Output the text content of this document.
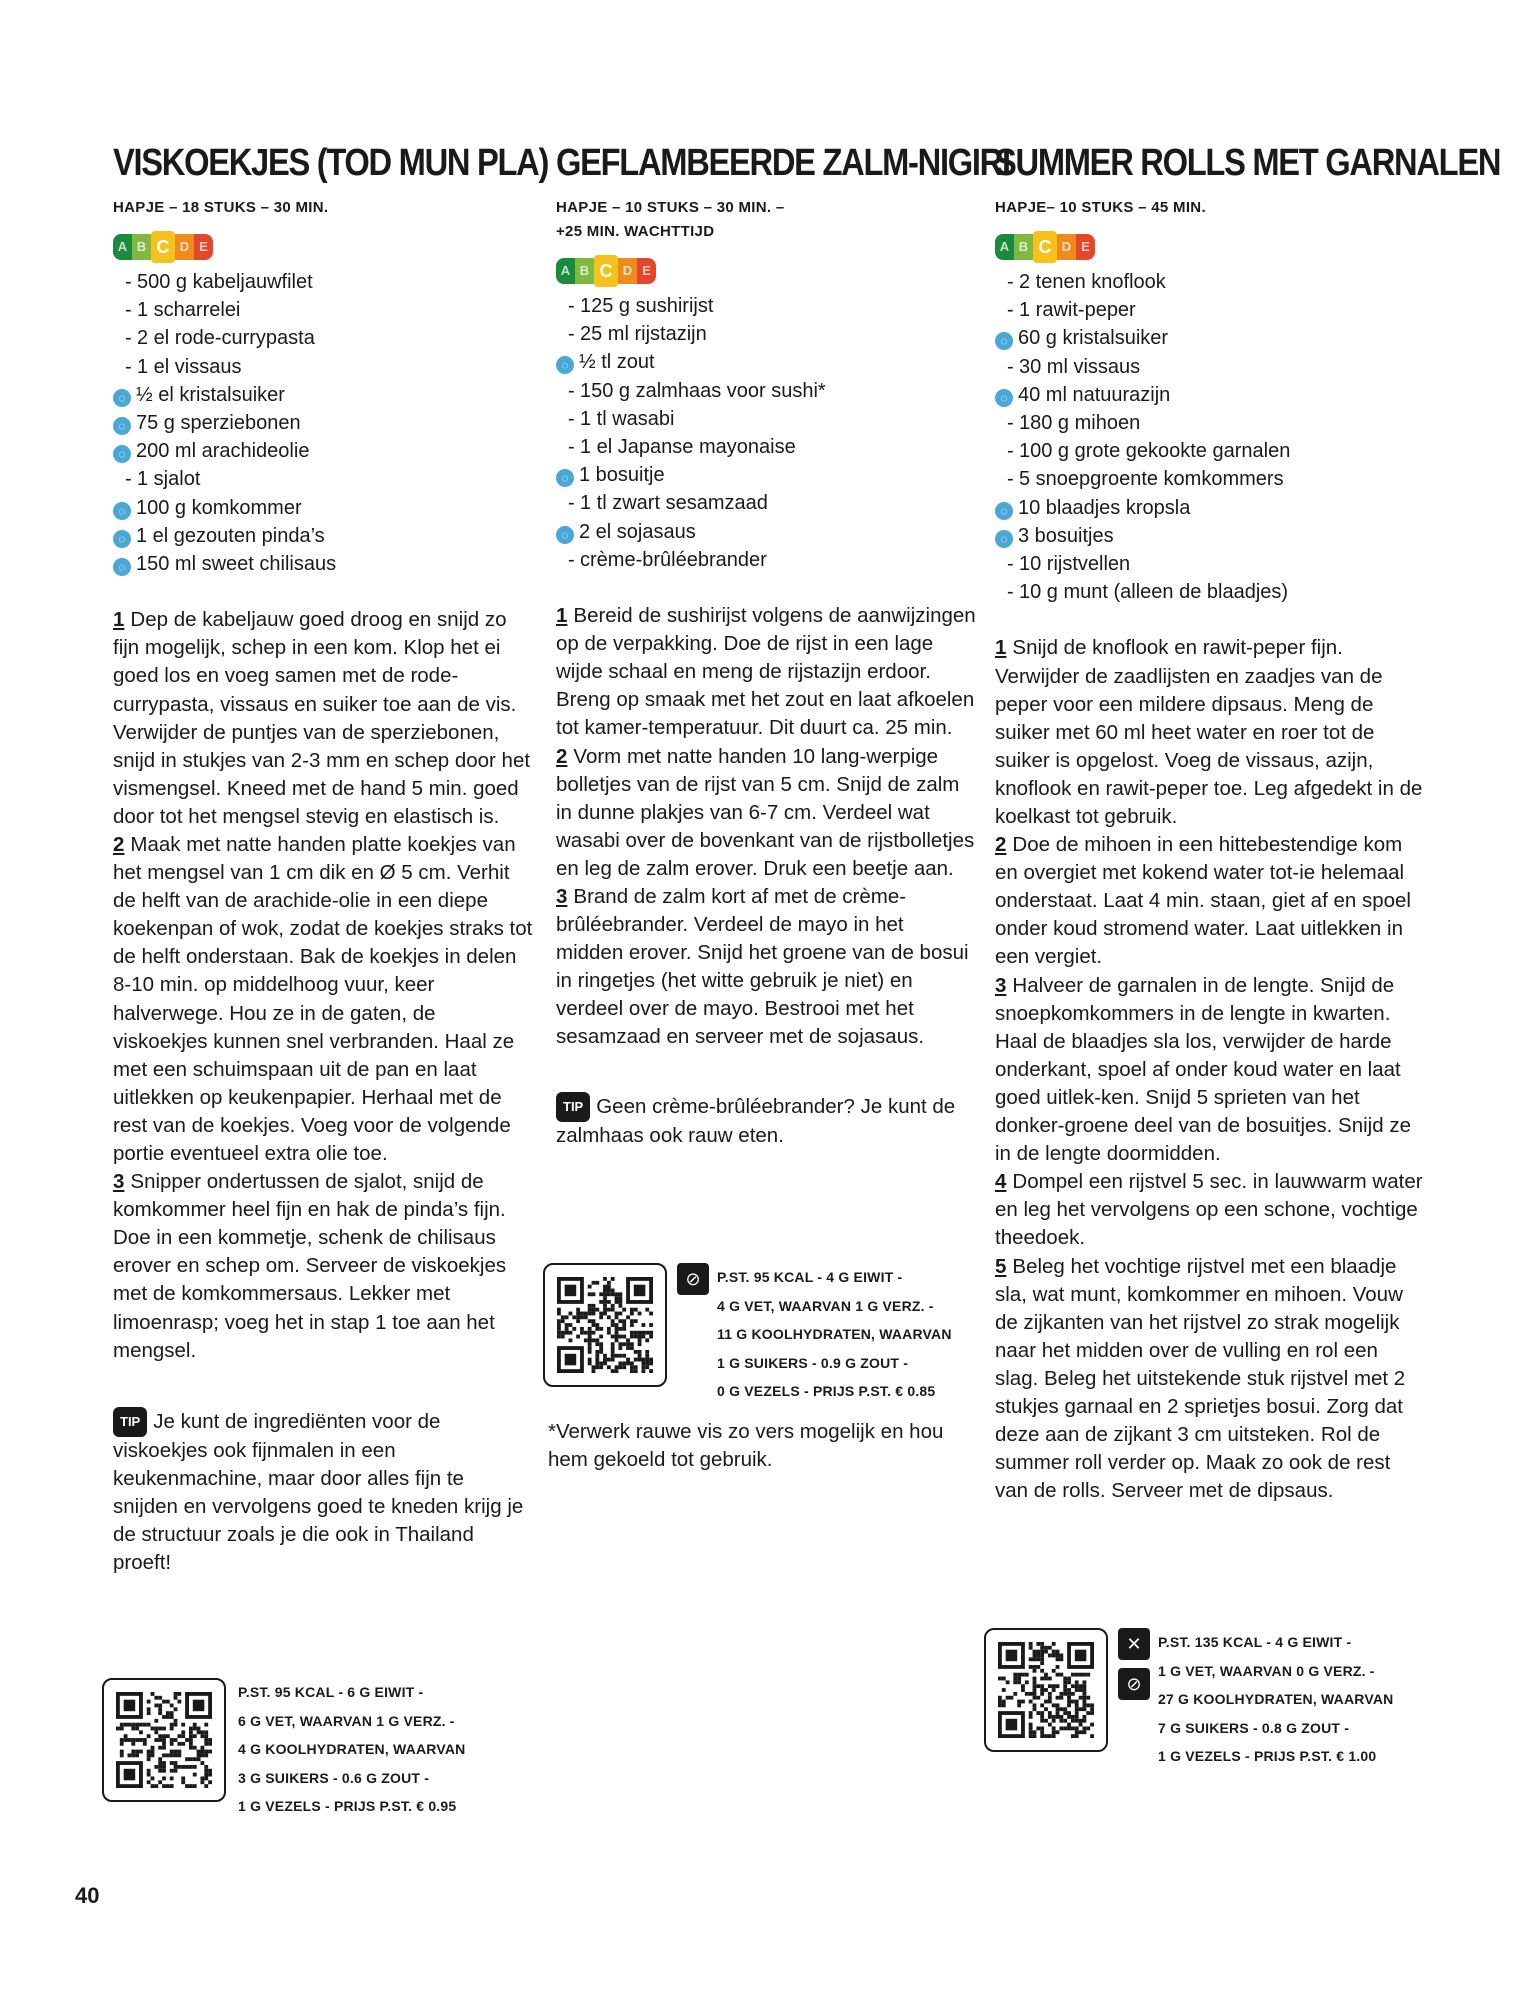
VISKOEKJES (TOD MUN PLA)
HAPJE – 18 STUKS – 30 MIN.
A B C D E
-500 g kabeljauwfilet
-1 scharrelei
-2 el rode-currypasta
-1 el vissaus
◌ ½ el kristalsuiker
◌ 75 g sperziebonen
◌ 200 ml arachideolie
-1 sjalot
◌ 100 g komkommer
◌ 1 el gezouten pinda’s
◌ 150 ml sweet chilisaus

1 Dep de kabeljauw goed droog en snijd zo fijn mogelijk, schep in een kom. Klop het ei goed los en voeg samen met de rode-currypasta, vissaus en suiker toe aan de vis. Verwijder de puntjes van de sperziebonen, snijd in stukjes van 2-3 mm en schep door het vismengsel. Kneed met de hand 5 min. goed door tot het mengsel stevig en elastisch is.

2 Maak met natte handen platte koekjes van het mengsel van 1 cm dik en Ø 5 cm. Verhit de helft van de arachide-olie in een diepe koekenpan of wok, zodat de koekjes straks tot de helft onderstaan. Bak de koekjes in delen 8-10 min. op middelhoog vuur, keer halverwege. Hou ze in de gaten, de viskoekjes kunnen snel verbranden. Haal ze met een schuimspaan uit de pan en laat uitlekken op keukenpapier. Herhaal met de rest van de koekjes. Voeg voor de volgende portie eventueel extra olie toe.

3 Snipper ondertussen de sjalot, snijd de komkommer heel fijn en hak de pinda’s fijn. Doe in een kommetje, schenk de chilisaus erover en schep om. Serveer de viskoekjes met de komkommersaus. Lekker met limoenrasp; voeg het in stap 1 toe aan het mengsel.

TIP Je kunt de ingrediënten voor de viskoekjes ook fijnmalen in een keukenmachine, maar door alles fijn te snijden en vervolgens goed te kneden krijg je de structuur zoals je die ook in Thailand proeft!
P.ST. 95 KCAL - 6 G EIWIT -
6 G VET, WAARVAN 1 G VERZ. -
4 G KOOLHYDRATEN, WAARVAN
3 G SUIKERS - 0.6 G ZOUT -
1 G VEZELS - PRIJS P.ST. € 0.95
GEFLAMBEERDE ZALM-NIGIRI
HAPJE – 10 STUKS – 30 MIN. –
+25 MIN. WACHTTIJD
A B C D E
-125 g sushirijst
-25 ml rijstazijn
◌ ½ tl zout
-150 g zalmhaas voor sushi*
-1 tl wasabi
-1 el Japanse mayonaise
◌ 1 bosuitje
-1 tl zwart sesamzaad
◌ 2 el sojasaus
-crème-brûléebrander

1 Bereid de sushirijst volgens de aanwijzingen op de verpakking. Doe de rijst in een lage wijde schaal en meng de rijstazijn erdoor. Breng op smaak met het zout en laat afkoelen tot kamer-temperatuur. Dit duurt ca. 25 min.

2 Vorm met natte handen 10 lang-werpige bolletjes van de rijst van 5 cm. Snijd de zalm in dunne plakjes van 6-7 cm. Verdeel wat wasabi over de bovenkant van de rijstbolletjes en leg de zalm erover. Druk een beetje aan.

3 Brand de zalm kort af met de crème-brûléebrander. Verdeel de mayo in het midden erover. Snijd het groene van de bosui in ringetjes (het witte gebruik je niet) en verdeel over de mayo. Bestrooi met het sesamzaad en serveer met de sojasaus.

TIP Geen crème-brûléebrander? Je kunt de zalmhaas ook rauw eten.
⊘	P.ST. 95 KCAL - 4 G EIWIT -
4 G VET, WAARVAN 1 G VERZ. -
11 G KOOLHYDRATEN, WAARVAN
1 G SUIKERS - 0.9 G ZOUT -
0 G VEZELS - PRIJS P.ST. € 0.85
*Verwerk rauwe vis zo vers mogelijk en hou hem gekoeld tot gebruik.
SUMMER ROLLS MET GARNALEN
HAPJE– 10 STUKS – 45 MIN.
A B C D E
-2 tenen knoflook
-1 rawit-peper
◌ 60 g kristalsuiker
-30 ml vissaus
◌ 40 ml natuurazijn
-180 g mihoen
-100 g grote gekookte garnalen
-5 snoepgroente komkommers
◌ 10 blaadjes kropsla
◌ 3 bosuitjes
-10 rijstvellen
-10 g munt (alleen de blaadjes)

1 Snijd de knoflook en rawit-peper fijn. Verwijder de zaadlijsten en zaadjes van de peper voor een mildere dipsaus. Meng de suiker met 60 ml heet water en roer tot de suiker is opgelost. Voeg de vissaus, azijn, knoflook en rawit-peper toe. Leg afgedekt in de koelkast tot gebruik.

2 Doe de mihoen in een hittebestendige kom en overgiet met kokend water tot-ie helemaal onderstaat. Laat 4 min. staan, giet af en spoel onder koud stromend water. Laat uitlekken in een vergiet.

3 Halveer de garnalen in de lengte. Snijd de snoepkomkommers in de lengte in kwarten. Haal de blaadjes sla los, verwijder de harde onderkant, spoel af onder koud water en laat goed uitlek-ken. Snijd 5 sprieten van het donker-groene deel van de bosuitjes. Snijd ze in de lengte doormidden.

4 Dompel een rijstvel 5 sec. in lauwwarm water en leg het vervolgens op een schone, vochtige theedoek.

5 Beleg het vochtige rijstvel met een blaadje sla, wat munt, komkommer en mihoen. Vouw de zijkanten van het rijstvel zo strak mogelijk naar het midden over de vulling en rol een slag. Beleg het uitstekende stuk rijstvel met 2 stukjes garnaal en 2 sprietjes bosui. Zorg dat deze aan de zijkant 3 cm uitsteken. Rol de summer roll verder op. Maak zo ook de rest van de rolls. Serveer met de dipsaus.

✕
⊘
P.ST. 135 KCAL - 4 G EIWIT -
1 G VET, WAARVAN 0 G VERZ. -
27 G KOOLHYDRATEN, WAARVAN
7 G SUIKERS - 0.8 G ZOUT -
1 G VEZELS - PRIJS P.ST. € 1.00
40
